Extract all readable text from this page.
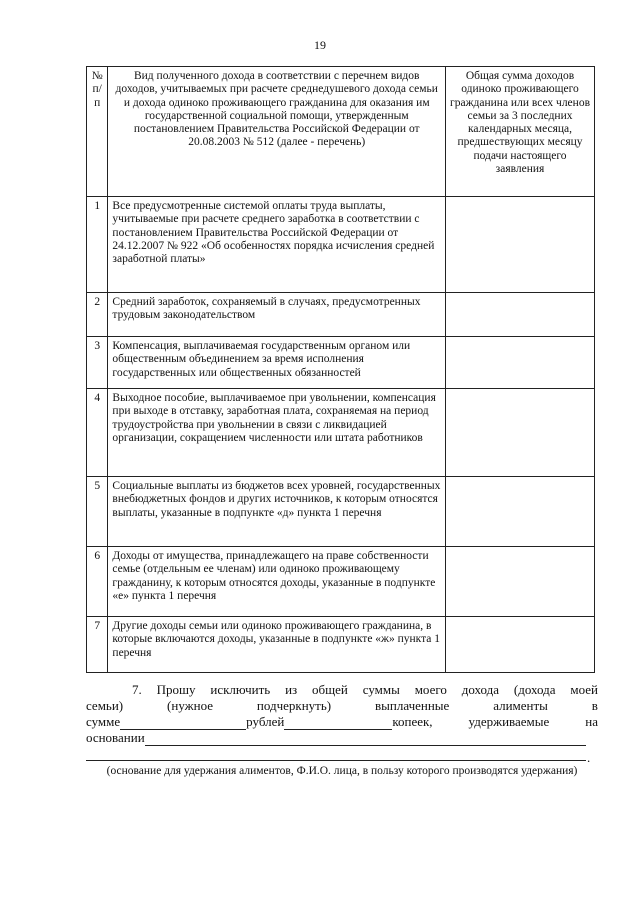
19
№ п/п	Вид полученного дохода в соответствии с перечнем видов доходов, учитываемых при расчете среднедушевого дохода семьи и дохода одиноко проживающего гражданина для оказания им государственной социальной помощи, утвержденным постановлением Правительства Российской Федерации от 20.08.2003 № 512 (далее - перечень)	Общая сумма доходов одиноко проживающего гражданина или всех членов семьи за 3 последних календарных месяца, предшествующих месяцу подачи настоящего заявления
1	Все предусмотренные системой оплаты труда выплаты, учитываемые при расчете среднего заработка в соответствии с постановлением Правительства Российской Федерации от 24.12.2007 № 922 «Об особенностях порядка исчисления средней заработной платы»	
2	Средний заработок, сохраняемый в случаях, предусмотренных трудовым законодательством	
3	Компенсация, выплачиваемая государственным органом или общественным объединением за время исполнения государственных или общественных обязанностей	
4	Выходное пособие, выплачиваемое при увольнении, компенсация при выходе в отставку, заработная плата, сохраняемая на период трудоустройства при увольнении в связи с ликвидацией организации, сокращением численности или штата работников	
5	Социальные выплаты из бюджетов всех уровней, государственных внебюджетных фондов и других источников, к которым относятся выплаты, указанные в подпункте «д» пункта 1 перечня	
6	Доходы от имущества, принадлежащего на праве собственности семье (отдельным ее членам) или одиноко проживающему гражданину, к которым относятся доходы, указанные в подпункте «е» пункта 1 перечня	
7	Другие доходы семьи или одиноко проживающего гражданина, в которые включаются доходы, указанные в подпункте «ж» пункта 1 перечня	
7. Прошу исключить из общей суммы моего дохода (дохода моей
семьи)	(нужное	подчеркнуть)	выплаченные	алименты	в
сумме	рублей	копеек, удерживаемые на
основании
.
(основание для удержания алиментов, Ф.И.О. лица, в пользу которого производятся удержания)
